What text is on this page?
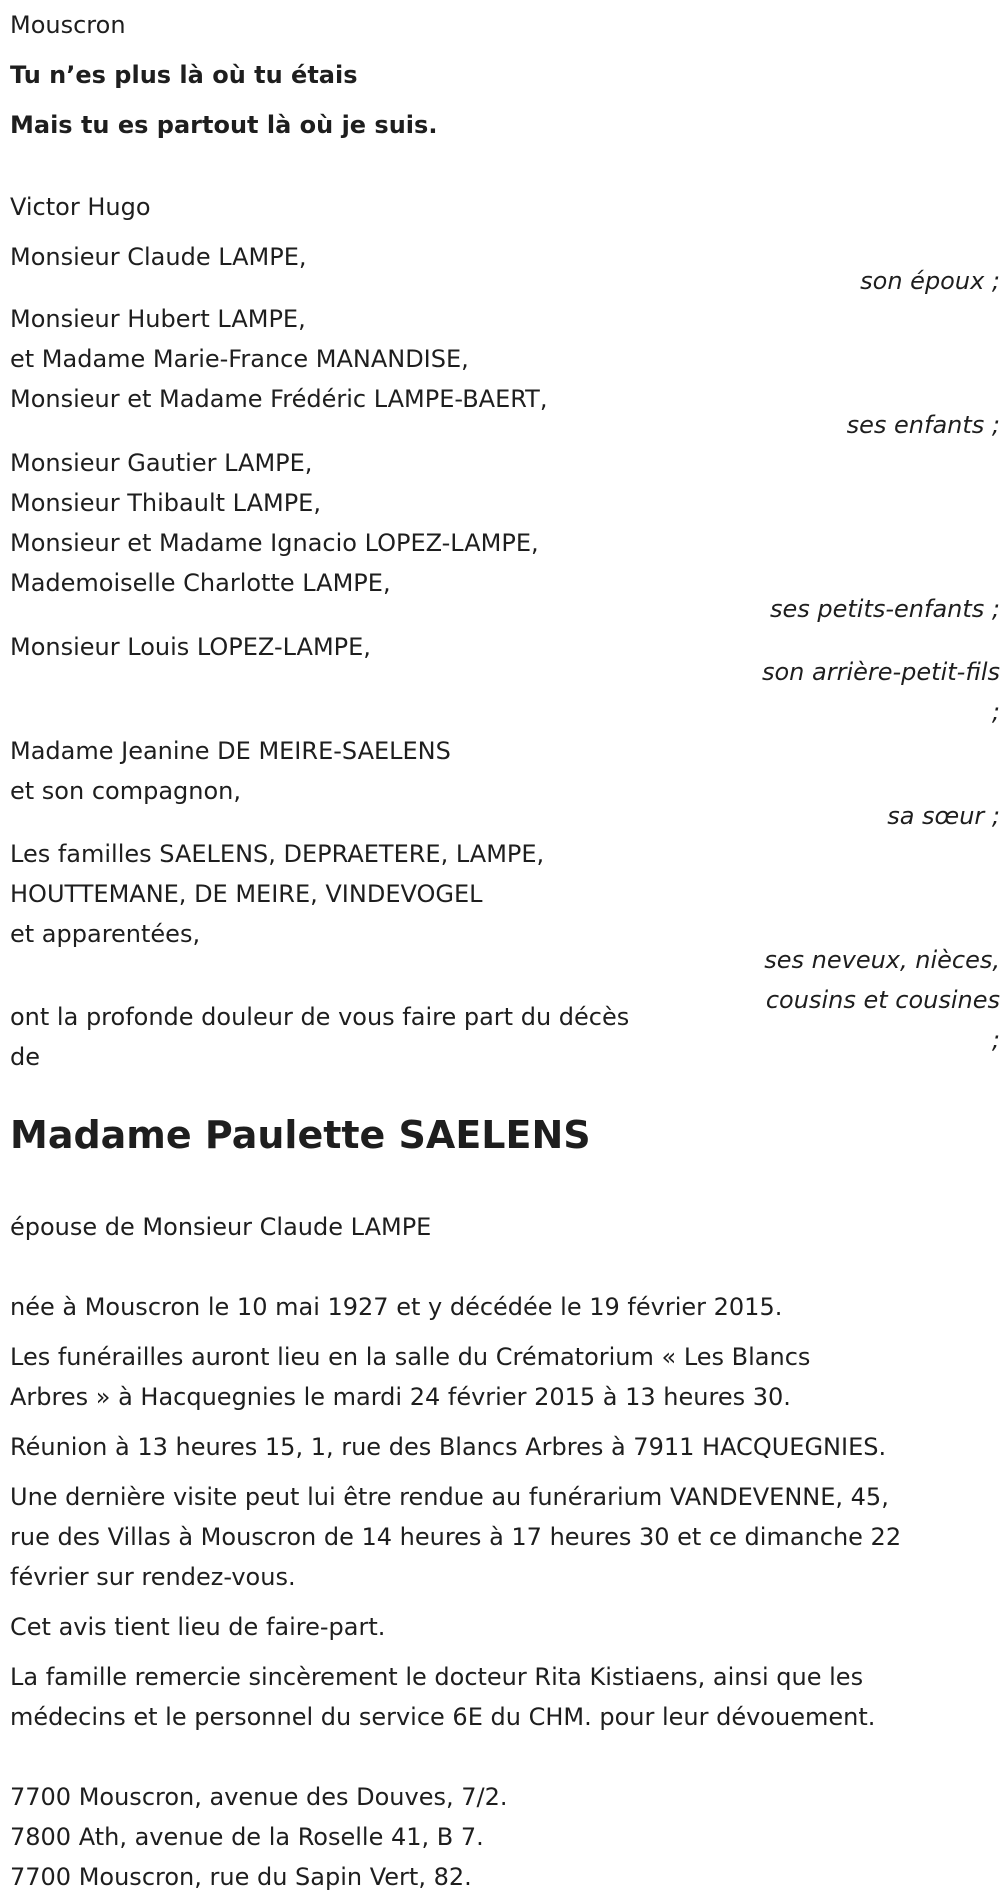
Mouscron
Tu n’es plus là où tu étais
Mais tu es partout là où je suis.
Victor Hugo
Monsieur Claude LAMPE,
son époux ;
Monsieur Hubert LAMPE,
et Madame Marie-France MANANDISE,
Monsieur et Madame Frédéric LAMPE-BAERT,
ses enfants ;
Monsieur Gautier LAMPE,
Monsieur Thibault LAMPE,
Monsieur et Madame Ignacio LOPEZ-LAMPE,
Mademoiselle Charlotte LAMPE,
ses petits-enfants ;
Monsieur Louis LOPEZ-LAMPE,
son arrière-petit-fils
;
Madame Jeanine DE MEIRE-SAELENS
et son compagnon,
sa sœur ;
Les familles SAELENS, DEPRAETERE, LAMPE,
HOUTTEMANE, DE MEIRE, VINDEVOGEL
et apparentées,
ses neveux, nièces,
cousins et cousines
;
ont la profonde douleur de vous faire part du décès
de
Madame Paulette SAELENS
épouse de Monsieur Claude LAMPE
née à Mouscron le 10 mai 1927 et y décédée le 19 février 2015.
Les funérailles auront lieu en la salle du Crématorium « Les Blancs
Arbres » à Hacquegnies le mardi 24 février 2015 à 13 heures 30.
Réunion à 13 heures 15, 1, rue des Blancs Arbres à 7911 HACQUEGNIES.
Une dernière visite peut lui être rendue au funérarium VANDEVENNE, 45,
rue des Villas à Mouscron de 14 heures à 17 heures 30 et ce dimanche 22
février sur rendez-vous.
Cet avis tient lieu de faire-part.
La famille remercie sincèrement le docteur Rita Kistiaens, ainsi que les
médecins et le personnel du service 6E du CHM. pour leur dévouement.
7700 Mouscron, avenue des Douves, 7/2.
7800 Ath, avenue de la Roselle 41, B 7.
7700 Mouscron, rue du Sapin Vert, 82.
